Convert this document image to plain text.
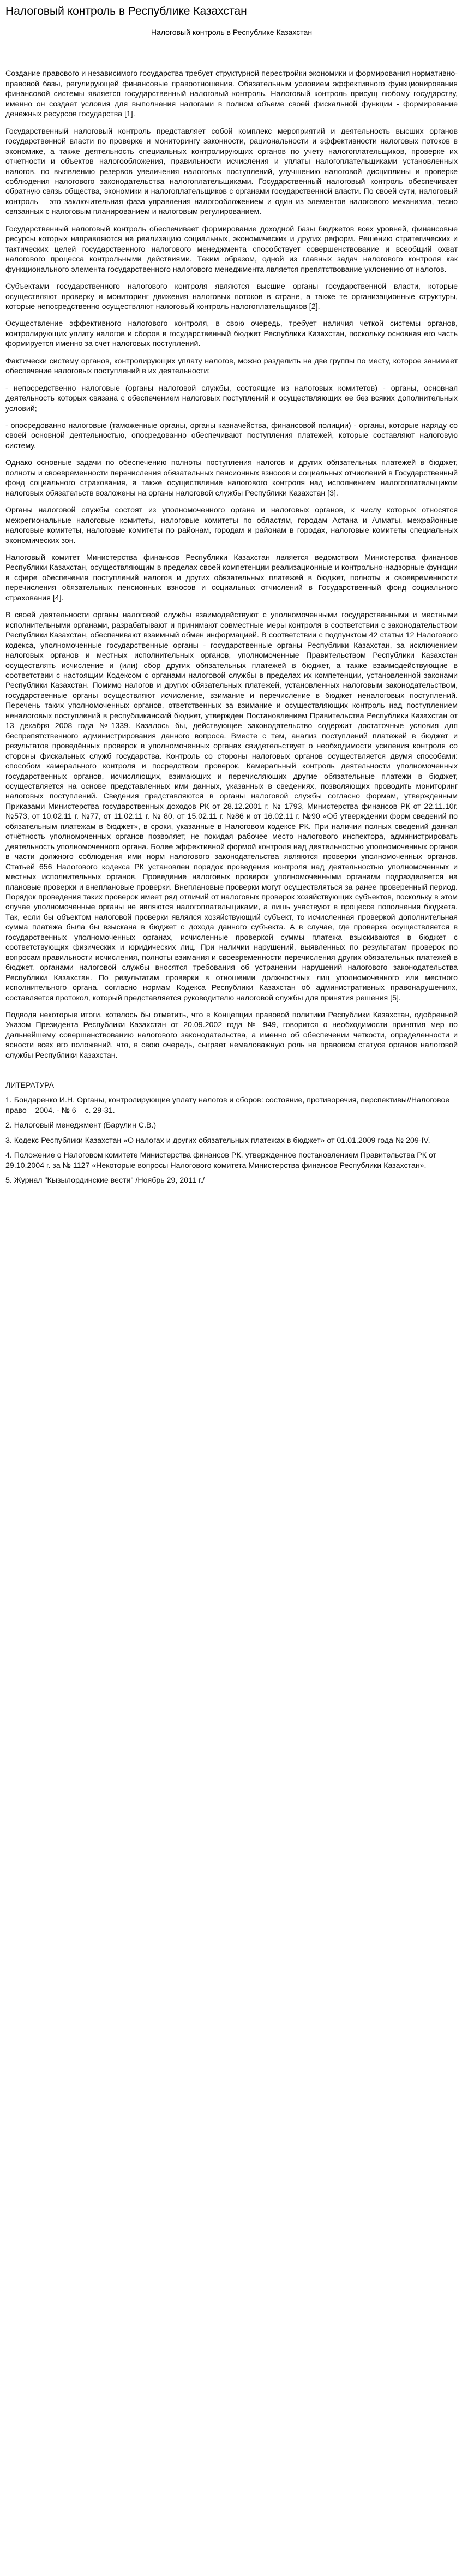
Налоговый контроль в Республике Казахстан
Налоговый контроль в Республике Казахстан

Создание правового и независимого государства требует структурной перестройки экономики и формирования нормативно-правовой базы, регулирующей финансовые правоотношения. Обязательным условием эффективного функционирования финансовой системы является государственный налоговый контроль. Налоговый контроль присущ любому государству, именно он создает условия для выполнения налогами в полном объеме своей фискальной функции - формирование денежных ресурсов государства [1].

Государственный налоговый контроль представляет собой комплекс мероприятий и деятельность высших органов государственной власти по проверке и мониторингу законности, рациональности и эффективности налоговых потоков в экономике, а также деятельность специальных контролирующих органов по учету налогоплательщиков, проверке их отчетности и объектов налогообложения, правильности исчисления и уплаты налогоплательщиками установленных налогов, по выявлению резервов увеличения налоговых поступлений, улучшению налоговой дисциплины и проверке соблюдения налогового законодательства налогоплательщиками. Государственный налоговый контроль обеспечивает обратную связь общества, экономики и налогоплательщиков с органами государственной власти. По своей сути, налоговый контроль – это заключительная фаза управления налогообложением и один из элементов налогового механизма, тесно связанных с налоговым планированием и налоговым регулированием.

Государственный налоговый контроль обеспечивает формирование доходной базы бюджетов всех уровней, финансовые ресурсы которых направляются на реализацию социальных, экономических и других реформ. Решению стратегических и тактических целей государственного налогового менеджмента способствует совершенствование и всеобщий охват налогового процесса контрольными действиями. Таким образом, одной из главных задач налогового контроля как функционального элемента государственного налогового менеджмента является препятствование уклонению от налогов.

Субъектами государственного налогового контроля являются высшие органы государственной власти, которые осуществляют проверку и мониторинг движения налоговых потоков в стране, а также те организационные структуры, которые непосредственно осуществляют налоговый контроль налогоплательщиков [2].

Осуществление эффективного налогового контроля, в свою очередь, требует наличия четкой системы органов, контролирующих уплату налогов и сборов в государственный бюджет Республики Казахстан, поскольку основная его часть формируется именно за счет налоговых поступлений.

Фактически систему органов, контролирующих уплату налогов, можно разделить на две группы по месту, которое занимает обеспечение налоговых поступлений в их деятельности:

- непосредственно налоговые (органы налоговой службы, состоящие из налоговых комитетов) - органы, основная деятельность которых связана с обеспечением налоговых поступлений и осуществляющих ее без всяких дополнительных условий;

- опосредованно налоговые (таможенные органы, органы казначейства, финансовой полиции) - органы, которые наряду со своей основной деятельностью, опосредованно обеспечивают поступления платежей, которые составляют налоговую систему.

Однако основные задачи по обеспечению полноты поступления налогов и других обязательных платежей в бюджет, полноты и своевременности перечисления обязательных пенсионных взносов и социальных отчислений в Государственный фонд социального страхования, а также осуществление налогового контроля над исполнением налогоплательщиком налоговых обязательств возложены на органы налоговой службы Республики Казахстан [3].

Органы налоговой службы состоят из уполномоченного органа и налоговых органов, к числу которых относятся межрегиональные налоговые комитеты, налоговые комитеты по областям, городам Астана и Алматы, межрайонные налоговые комитеты, налоговые комитеты по районам, городам и районам в городах, налоговые комитеты специальных экономических зон.

Налоговый комитет Министерства финансов Республики Казахстан является ведомством Министерства финансов Республики Казахстан, осуществляющим в пределах своей компетенции реализационные и контрольно-надзорные функции в сфере обеспечения поступлений налогов и других обязательных платежей в бюджет, полноты и своевременности перечисления обязательных пенсионных взносов и социальных отчислений в Государственный фонд социального страхования [4].

В своей деятельности органы налоговой службы взаимодействуют с уполномоченными государственными и местными исполнительными органами, разрабатывают и принимают совместные меры контроля в соответствии с законодательством Республики Казахстан, обеспечивают взаимный обмен информацией. В соответствии с подпунктом 42 статьи 12 Налогового кодекса, уполномоченные государственные органы - государственные органы Республики Казахстан, за исключением налоговых органов и местных исполнительных органов, уполномоченные Правительством Республики Казахстан осуществлять исчисление и (или) сбор других обязательных платежей в бюджет, а также взаимодействующие в соответствии с настоящим Кодексом с органами налоговой службы в пределах их компетенции, установленной законами Республики Казахстан. Помимо налогов и других обязательных платежей, установленных налоговым законодательством, государственные органы осуществляют исчисление, взимание и перечисление в бюджет неналоговых поступлений. Перечень таких уполномоченных органов, ответственных за взимание и осуществляющих контроль над поступлением неналоговых поступлений в республиканский бюджет, утвержден Постановлением Правительства Республики Казахстан от 13 декабря 2008 года №1339. Казалось бы, действующее законодательство содержит достаточные условия для беспрепятственного администрирования данного вопроса. Вместе с тем, анализ поступлений платежей в бюджет и результатов проведённых проверок в уполномоченных органах свидетельствует о необходимости усиления контроля со стороны фискальных служб государства. Контроль со стороны налоговых органов осуществляется двумя способами: способом камерального контроля и посредством проверок. Камеральный контроль деятельности уполномоченных государственных органов, исчисляющих, взимающих и перечисляющих другие обязательные платежи в бюджет, осуществляется на основе представленных ими данных, указанных в сведениях, позволяющих проводить мониторинг налоговых поступлений. Сведения представляются в органы налоговой службы согласно формам, утвержденным Приказами Министерства государственных доходов РК от 28.12.2001 г. № 1793, Министерства финансов РК от 22.11.10г. №573, от 10.02.11 г. №77, от 11.02.11 г. № 80, от 15.02.11 г. №86 и от 16.02.11 г. №90 «Об утверждении форм сведений по обязательным платежам в бюджет», в сроки, указанные в Налоговом кодексе РК. При наличии полных сведений данная отчётность уполномоченных органов позволяет, не покидая рабочее место налогового инспектора, администрировать деятельность уполномоченного органа. Более эффективной формой контроля над деятельностью уполномоченных органов в части должного соблюдения ими норм налогового законодательства являются проверки уполномоченных органов. Статьей 656 Налогового кодекса РК установлен порядок проведения контроля над деятельностью уполномоченных и местных исполнительных органов. Проведение налоговых проверок уполномоченными органами подразделяется на плановые проверки и внеплановые проверки. Внеплановые проверки могут осуществляться за ранее проверенный период. Порядок проведения таких проверок имеет ряд отличий от налоговых проверок хозяйствующих субъектов, поскольку в этом случае уполномоченные органы не являются налогоплательщиками, а лишь участвуют в процессе пополнения бюджета. Так, если бы объектом налоговой проверки являлся хозяйствующий субъект, то исчисленная проверкой дополнительная сумма платежа была бы взыскана в бюджет с дохода данного субъекта. А в случае, где проверка осуществляется в государственных уполномоченных органах, исчисленные проверкой суммы платежа взыскиваются в бюджет с соответствующих физических и юридических лиц. При наличии нарушений, выявленных по результатам проверок по вопросам правильности исчисления, полноты взимания и своевременности перечисления других обязательных платежей в бюджет, органами налоговой службы вносятся требования об устранении нарушений налогового законодательства Республики Казахстан. По результатам проверки в отношении должностных лиц уполномоченного или местного исполнительного органа, согласно нормам Кодекса Республики Казахстан об административных правонарушениях, составляется протокол, который представляется руководителю налоговой службы для принятия решения [5].

Подводя некоторые итоги, хотелось бы отметить, что в Концепции правовой политики Республики Казахстан, одобренной Указом Президента Республики Казахстан от 20.09.2002 года № 949, говорится о необходимости принятия мер по дальнейшему совершенствованию налогового законодательства, а именно об обеспечении четкости, определенности и ясности всех его положений, что, в свою очередь, сыграет немаловажную роль на правовом статусе органов налоговой службы Республики Казахстан.

ЛИТЕРАТУРА

1. Бондаренко И.Н. Органы, контролирующие уплату налогов и сборов: состояние, противоречия, перспективы//Налоговое право – 2004. - № 6 – с. 29-31.

2. Налоговый менеджмент (Барулин С.В.)

3. Кодекс Республики Казахстан «О налогах и других обязательных платежах в бюджет» от 01.01.2009 года № 209-IV.

4. Положение о Налоговом комитете Министерства финансов РК, утвержденное постановлением Правительства РК от 29.10.2004 г. за № 1127 «Некоторые вопросы Налогового комитета Министерства финансов Республики Казахстан».

5. Журнал "Кызылординские вести" /Ноябрь 29, 2011 г./
